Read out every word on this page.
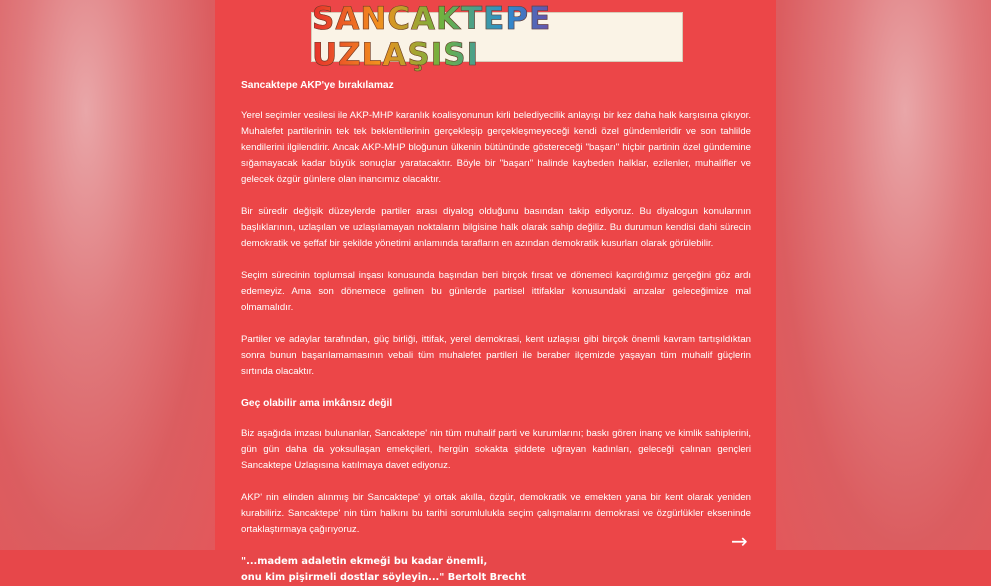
SANCAKTEPE UZLAŞISI

Sancaktepe AKP'ye bırakılamaz

Yerel seçimler vesilesi ile AKP-MHP karanlık koalisyonunun kirli belediyecilik anlayışı bir kez daha halk karşısına çıkıyor. Muhalefet partilerinin tek tek beklentilerinin gerçekleşip gerçekleşmeyeceği kendi özel gündemleridir ve son tahlilde kendilerini ilgilendirir. Ancak AKP-MHP bloğunun ülkenin bütününde göstereceği "başarı" hiçbir partinin özel gündemine sığamayacak kadar büyük sonuçlar yaratacaktır. Böyle bir "başarı" halinde kaybeden halklar, ezilenler, muhalifler ve gelecek özgür günlere olan inancımız olacaktır.

Bir süredir değişik düzeylerde partiler arası diyalog olduğunu basından takip ediyoruz. Bu diyalogun konularının başlıklarının, uzlaşılan ve uzlaşılamayan noktaların bilgisine halk olarak sahip değiliz. Bu durumun kendisi dahi sürecin demokratik ve şeffaf bir şekilde yönetimi anlamında tarafların en azından demokratik kusurları olarak görülebilir.

Seçim sürecinin toplumsal inşası konusunda başından beri birçok fırsat ve dönemeci kaçırdığımız gerçeğini göz ardı edemeyiz. Ama son dönemece gelinen bu günlerde partisel ittifaklar konusundaki arızalar geleceğimize mal olmamalıdır.

Partiler ve adaylar tarafından, güç birliği, ittifak, yerel demokrasi, kent uzlaşısı gibi birçok önemli kavram tartışıldıktan sonra bunun başarılamamasının vebali tüm muhalefet partileri ile beraber ilçemizde yaşayan tüm muhalif güçlerin sırtında olacaktır.

Geç olabilir ama imkânsız değil

Biz aşağıda imzası bulunanlar, Sancaktepe' nin tüm muhalif parti ve kurumlarını; baskı gören inanç ve kimlik sahiplerini, gün gün daha da yoksullaşan emekçileri, hergün sokakta şiddete uğrayan kadınları, geleceği çalınan gençleri Sancaktepe Uzlaşısına katılmaya davet ediyoruz.

AKP' nin elinden alınmış bir Sancaktepe' yi ortak akılla, özgür, demokratik ve emekten yana bir kent olarak yeniden kurabiliriz. Sancaktepe' nin tüm halkını bu tarihi sorumlulukla seçim çalışmalarını demokrasi ve özgürlükler ekseninde ortaklaştırmaya çağırıyoruz.

"...madem adaletin ekmeği bu kadar önemli,
onu kim pişirmeli dostlar söyleyin..." Bertolt Brecht
→
